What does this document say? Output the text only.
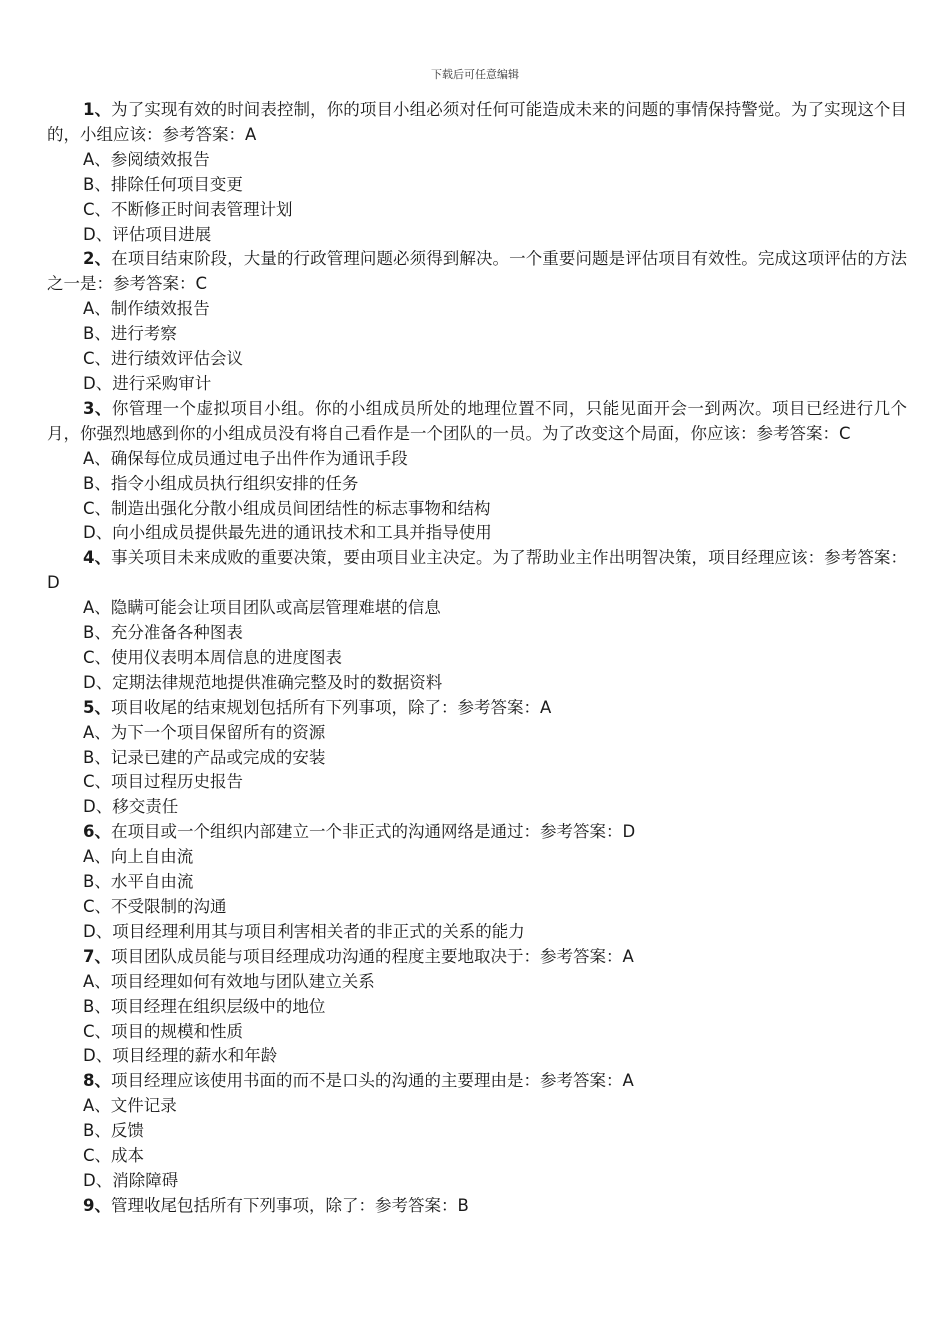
下载后可任意编辑

1、为了实现有效的时间表控制，你的项目小组必须对任何可能造成未来的问题的事情保持警觉。为了实现这个目的，小组应该：参考答案：A

A、参阅绩效报告

B、排除任何项目变更

C、不断修正时间表管理计划

D、评估项目进展

2、在项目结束阶段，大量的行政管理问题必须得到解决。一个重要问题是评估项目有效性。完成这项评估的方法之一是：参考答案：C

A、制作绩效报告

B、进行考察

C、进行绩效评估会议

D、进行采购审计

3、你管理一个虚拟项目小组。你的小组成员所处的地理位置不同，只能见面开会一到两次。项目已经进行几个月，你强烈地感到你的小组成员没有将自己看作是一个团队的一员。为了改变这个局面，你应该：参考答案：C

A、确保每位成员通过电子出件作为通讯手段

B、指令小组成员执行组织安排的任务

C、制造出强化分散小组成员间团结性的标志事物和结构

D、向小组成员提供最先进的通讯技术和工具并指导使用

4、事关项目未来成败的重要决策，要由项目业主决定。为了帮助业主作出明智决策，项目经理应该：参考答案：D

A、隐瞒可能会让项目团队或高层管理难堪的信息

B、充分准备各种图表

C、使用仪表明本周信息的进度图表

D、定期法律规范地提供准确完整及时的数据资料

5、项目收尾的结束规划包括所有下列事项，除了：参考答案：A

A、为下一个项目保留所有的资源

B、记录已建的产品或完成的安装

C、项目过程历史报告

D、移交责任

6、在项目或一个组织内部建立一个非正式的沟通网络是通过：参考答案：D

A、向上自由流

B、水平自由流

C、不受限制的沟通

D、项目经理利用其与项目利害相关者的非正式的关系的能力

7、项目团队成员能与项目经理成功沟通的程度主要地取决于：参考答案：A

A、项目经理如何有效地与团队建立关系

B、项目经理在组织层级中的地位

C、项目的规模和性质

D、项目经理的薪水和年龄

8、项目经理应该使用书面的而不是口头的沟通的主要理由是：参考答案：A

A、文件记录

B、反馈

C、成本

D、消除障碍

9、管理收尾包括所有下列事项，除了：参考答案：B
